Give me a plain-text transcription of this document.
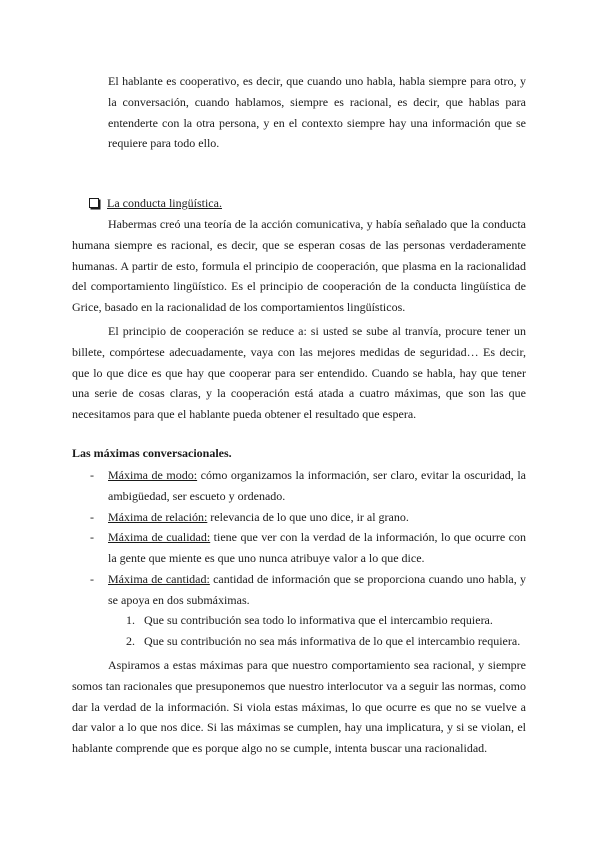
El hablante es cooperativo, es decir, que cuando uno habla, habla siempre para otro, y la conversación, cuando hablamos, siempre es racional, es decir, que hablas para entenderte con la otra persona, y en el contexto siempre hay una información que se requiere para todo ello.

La conducta lingüística.

Habermas creó una teoría de la acción comunicativa, y había señalado que la conducta humana siempre es racional, es decir, que se esperan cosas de las personas verdaderamente humanas. A partir de esto, formula el principio de cooperación, que plasma en la racionalidad del comportamiento lingüístico. Es el principio de cooperación de la conducta lingüística de Grice, basado en la racionalidad de los comportamientos lingüísticos.

El principio de cooperación se reduce a: si usted se sube al tranvía, procure tener un billete, compórtese adecuadamente, vaya con las mejores medidas de seguridad… Es decir, que lo que dice es que hay que cooperar para ser entendido. Cuando se habla, hay que tener una serie de cosas claras, y la cooperación está atada a cuatro máximas, que son las que necesitamos para que el hablante pueda obtener el resultado que espera.

Las máximas conversacionales.
- Máxima de modo: cómo organizamos la información, ser claro, evitar la oscuridad, la ambigüedad, ser escueto y ordenado.
- Máxima de relación: relevancia de lo que uno dice, ir al grano.
- Máxima de cualidad: tiene que ver con la verdad de la información, lo que ocurre con la gente que miente es que uno nunca atribuye valor a lo que dice.
- Máxima de cantidad: cantidad de información que se proporciona cuando uno habla, y se apoya en dos submáximas.
1. Que su contribución sea todo lo informativa que el intercambio requiera.
2. Que su contribución no sea más informativa de lo que el intercambio requiera.

Aspiramos a estas máximas para que nuestro comportamiento sea racional, y siempre somos tan racionales que presuponemos que nuestro interlocutor va a seguir las normas, como dar la verdad de la información. Si viola estas máximas, lo que ocurre es que no se vuelve a dar valor a lo que nos dice. Si las máximas se cumplen, hay una implicatura, y si se violan, el hablante comprende que es porque algo no se cumple, intenta buscar una racionalidad.
